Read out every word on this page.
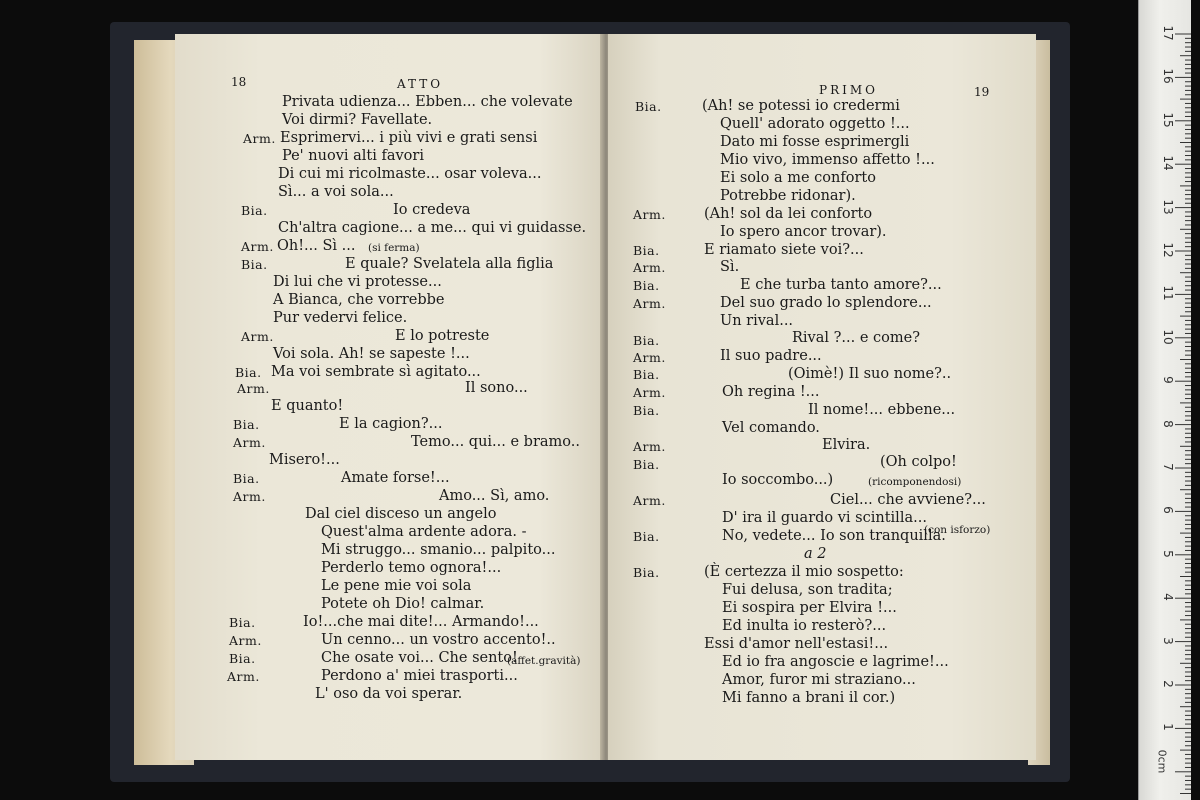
18	ATTO
Privata udienza... Ebben... che volevate
Voi dirmi? Favellate.
Arm. Esprimervi... i più vivi e grati sensi
Pe' nuovi alti favori
Di cui mi ricolmaste... osar voleva...
Sì... a voi sola...
Bia.	Io credeva
Ch'altra cagione... a me... qui vi guidasse.
Arm. Oh!... Sì ... (si ferma)
Bia.	E quale? Svelatela alla figlia
Di lui che vi protesse...
A Bianca, che vorrebbe
Pur vedervi felice.
Arm.	E lo potreste
Voi sola. Ah! se sapeste !...
Bia. Ma voi sembrate sì agitato...
Arm.	Il sono...
E quanto!
Bia.	E la cagion?...
Arm.	Temo... qui... e bramo..
Misero!...
Bia.	Amate forse!...
Arm.	Amo... Sì, amo.
Dal ciel disceso un angelo
Quest'alma ardente adora. -
Mi struggo... smanio... palpito...
Perderlo temo ognora!...
Le pene mie voi sola
Potete oh Dio! calmar.
Bia.	Io!...che mai dite!... Armando!...
Arm.	Un cenno... un vostro accento!..
Bia.	Che osate voi... Che sento!
(affet.gravità)
Arm.	Perdono a' miei trasporti...
L' oso da voi sperar.
PRIMO	19
Bia.	(Ah! se potessi io credermi
Quell' adorato oggetto !...
Dato mi fosse esprimergli
Mio vivo, immenso affetto !...
Ei solo a me conforto
Potrebbe ridonar).
Arm.	(Ah! sol da lei conforto
Io spero ancor trovar).
Bia.	E riamato siete voi?...
Arm.	Sì.
Bia.	E che turba tanto amore?...
Arm.	Del suo grado lo splendore...
Un rival...
Bia.	Rival ?... e come?
Arm.	Il suo padre...
Bia.	(Oimè!) Il suo nome?..
Arm.	Oh regina !...
Bia.	Il nome!... ebbene...
Vel comando.
Arm.	Elvira.
Bia.	(Oh colpo!
Io soccombo...)	(ricomponendosi)
Arm.	Ciel... che avviene?...
D' ira il guardo vi scintilla...
Bia.	No, vedete... Io son tranquilla.
(con isforzo)
a 2
Bia.	(È certezza il mio sospetto:
Fui delusa, son tradita;
Ei sospira per Elvira !...
Ed inulta io resterò?...
Essi d'amor nell'estasi!...
Ed io fra angoscie e lagrime!...
Amor, furor mi straziano...
Mi fanno a brani il cor.)
17
16
15
14
13
12
11
10
9
8
7
6
5
4
3
2
1
0cm
